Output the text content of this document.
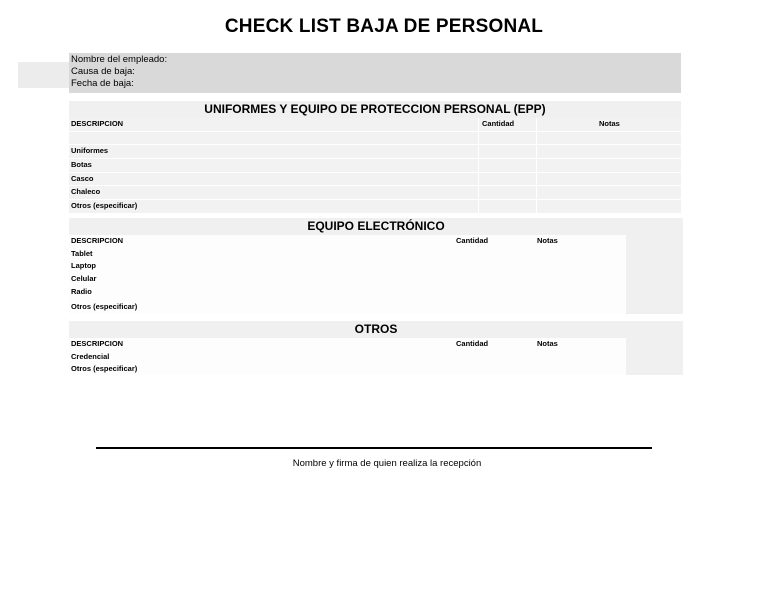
CHECK LIST BAJA DE PERSONAL
Nombre del empleado:
Causa de baja:
Fecha de baja:
UNIFORMES Y EQUIPO DE PROTECCION PERSONAL (EPP)
DESCRIPCION	Cantidad	Notas
Uniformes
Botas
Casco
Chaleco
Otros (especificar)
EQUIPO ELECTRÓNICO
DESCRIPCION	Cantidad	Notas
Tablet
Laptop
Celular
Radio
Otros (especificar)
OTROS
DESCRIPCION	Cantidad	Notas
Credencial
Otros (especificar)
Nombre y firma de quien realiza la recepción
